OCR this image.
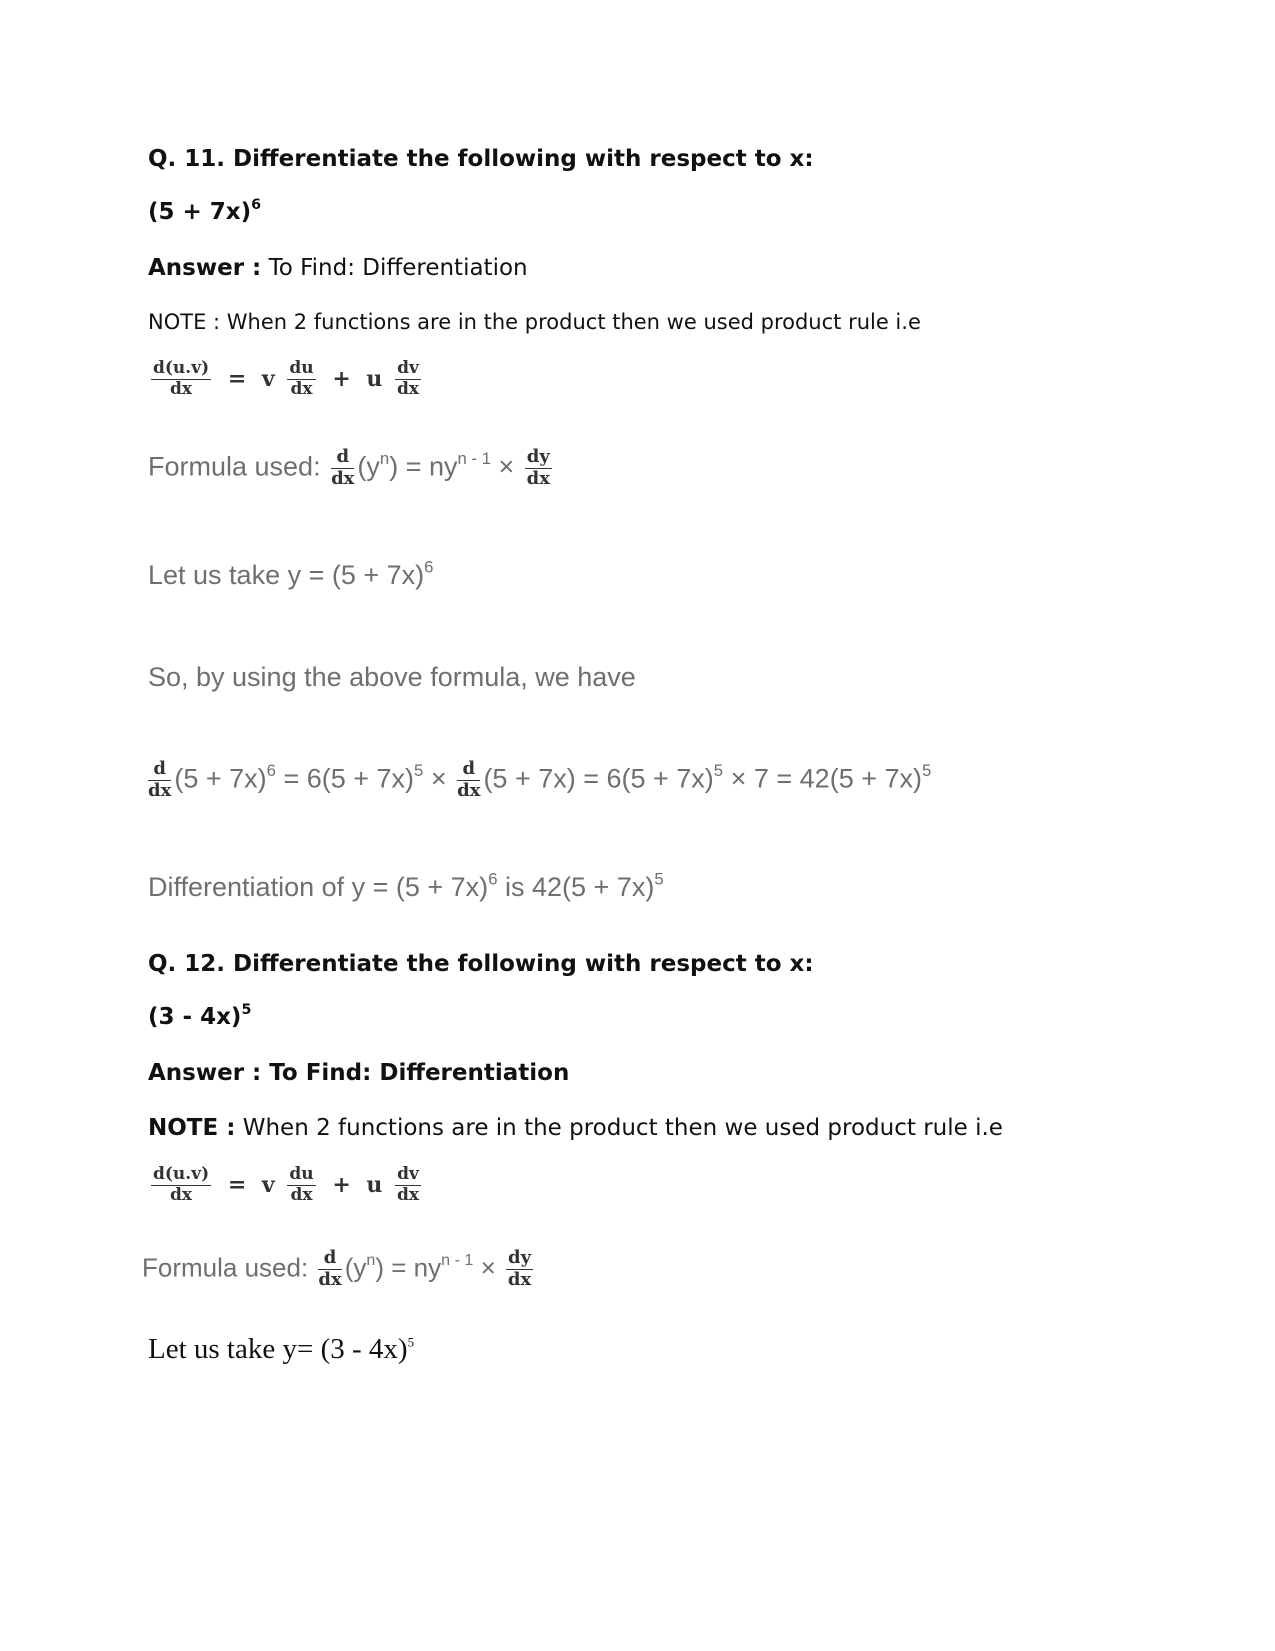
Q. 11. Differentiate the following with respect to x:
$(5 + 7x)^6$
Answer : To Find: Differentiation
NOTE : When 2 functions are in the product then we used product rule i.e
$\frac{d(u.v)}{dx} = v \frac{du}{dx} + u \frac{dv}{dx}$
Formula used: $\frac{d}{dx} (y^n) = ny^{n - 1} \times \frac{dy}{dx}$
Let us take $y = (5 + 7x)^6$
So, by using the above formula, we have
$\frac{d}{dx} (5 + 7x)^6 = 6(5 + 7x)^5 \times \frac{d}{dx} (5 + 7x) = 6(5 + 7x)^5 \times 7 = 42(5 + 7x)^5$
Differentiation of $y = (5 + 7x)^6$ is $42(5 + 7x)^5$
Q. 12. Differentiate the following with respect to x:
(3 - 4x)$^5$
Answer : To Find: Differentiation
NOTE : When 2 functions are in the product then we used product rule i.e
$\frac{d(u.v)}{dx} = v \frac{du}{dx} + u \frac{dv}{dx}$
Formula used: $\frac{d}{dx} (y^n) = ny^{n - 1} \times \frac{dy}{dx}$
Let us take y= (3 - 4x)$^5$
